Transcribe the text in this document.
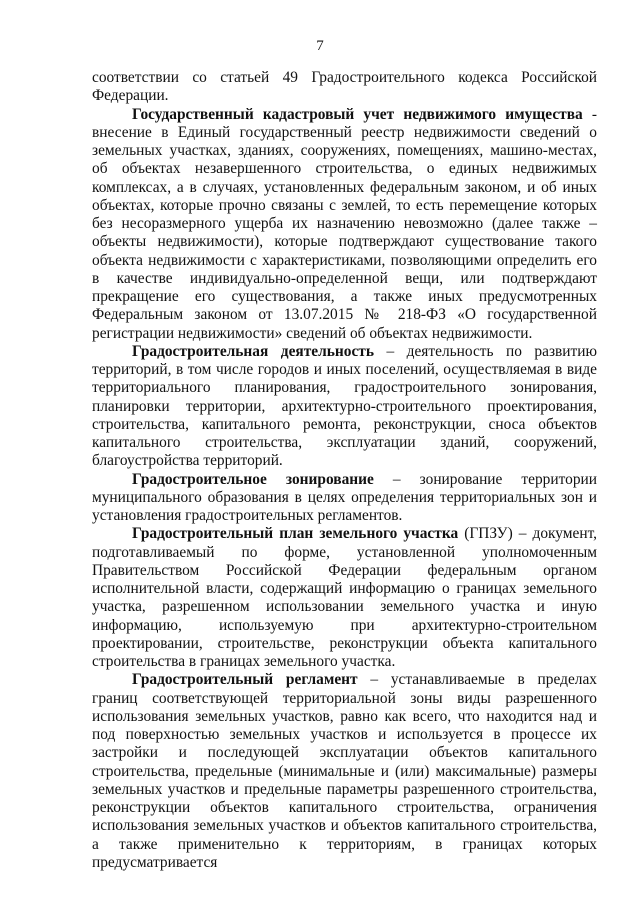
7

соответствии со статьей 49 Градостроительного кодекса Российской Федерации.

Государственный кадастровый учет недвижимого имущества - внесение в Единый государственный реестр недвижимости сведений о земельных участках, зданиях, сооружениях, помещениях, машино-местах, об объектах незавершенного строительства, о единых недвижимых комплексах, а в случаях, установленных федеральным законом, и об иных объектах, которые прочно связаны с землей, то есть перемещение которых без несоразмерного ущерба их назначению невозможно (далее также – объекты недвижимости), которые подтверждают существование такого объекта недвижимости с характеристиками, позволяющими определить его в качестве индивидуально-определенной вещи, или подтверждают прекращение его существования, а также иных предусмотренных Федеральным законом от 13.07.2015 № 218-ФЗ «О государственной регистрации недвижимости» сведений об объектах недвижимости.

Градостроительная деятельность – деятельность по развитию территорий, в том числе городов и иных поселений, осуществляемая в виде территориального планирования, градостроительного зонирования, планировки территории, архитектурно-строительного проектирования, строительства, капитального ремонта, реконструкции, сноса объектов капитального строительства, эксплуатации зданий, сооружений, благоустройства территорий.

Градостроительное зонирование – зонирование территории муниципального образования в целях определения территориальных зон и установления градостроительных регламентов.

Градостроительный план земельного участка (ГПЗУ) – документ, подготавливаемый по форме, установленной уполномоченным Правительством Российской Федерации федеральным органом исполнительной власти, содержащий информацию о границах земельного участка, разрешенном использовании земельного участка и иную информацию, используемую при архитектурно-строительном проектировании, строительстве, реконструкции объекта капитального строительства в границах земельного участка.

Градостроительный регламент – устанавливаемые в пределах границ соответствующей территориальной зоны виды разрешенного использования земельных участков, равно как всего, что находится над и под поверхностью земельных участков и используется в процессе их застройки и последующей эксплуатации объектов капитального строительства, предельные (минимальные и (или) максимальные) размеры земельных участков и предельные параметры разрешенного строительства, реконструкции объектов капитального строительства, ограничения использования земельных участков и объектов капитального строительства, а также применительно к территориям, в границах которых предусматривается
